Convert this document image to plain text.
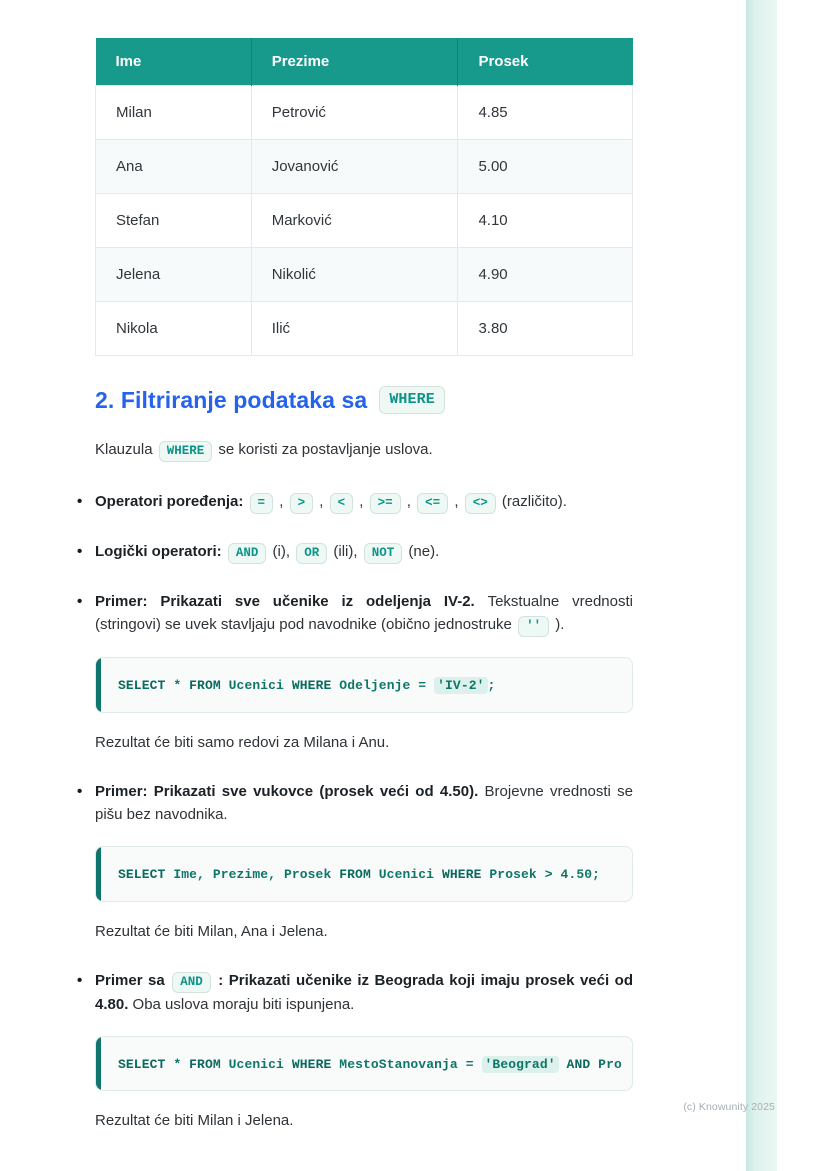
Ime	Prezime	Prosek
Milan	Petrović	4.85
Ana	Jovanović	5.00
Stefan	Marković	4.10
Jelena	Nikolić	4.90
Nikola	Ilić	3.80
2. Filtriranje podataka sa	WHERE

Klauzula WHERE se koristi za postavljanje uslova.

• Operatori poređenja: = , > , < , >= , <= , <> (različito).

• Logički operatori: AND (i), OR (ili), NOT (ne).

• Primer: Prikazati sve učenike iz odeljenja IV-2. Tekstualne vrednosti (stringovi) se uvek stavljaju pod navodnike (obično jednostruke '' ).

SELECT * FROM Ucenici WHERE Odeljenje = 'IV-2' ;

Rezultat će biti samo redovi za Milana i Anu.

• Primer: Prikazati sve vukovce (prosek veći od 4.50). Brojevne vrednosti se pišu bez navodnika.

SELECT Ime, Prezime, Prosek FROM Ucenici WHERE Prosek > 4.50;

Rezultat će biti Milan, Ana i Jelena.

• Primer sa AND : Prikazati učenike iz Beograda koji imaju prosek veći od 4.80. Oba uslova moraju biti ispunjena.

SELECT * FROM Ucenici WHERE MestoStanovanja = 'Beograd' AND Pro

Rezultat će biti Milan i Jelena.

(c) Knowunity 2025
